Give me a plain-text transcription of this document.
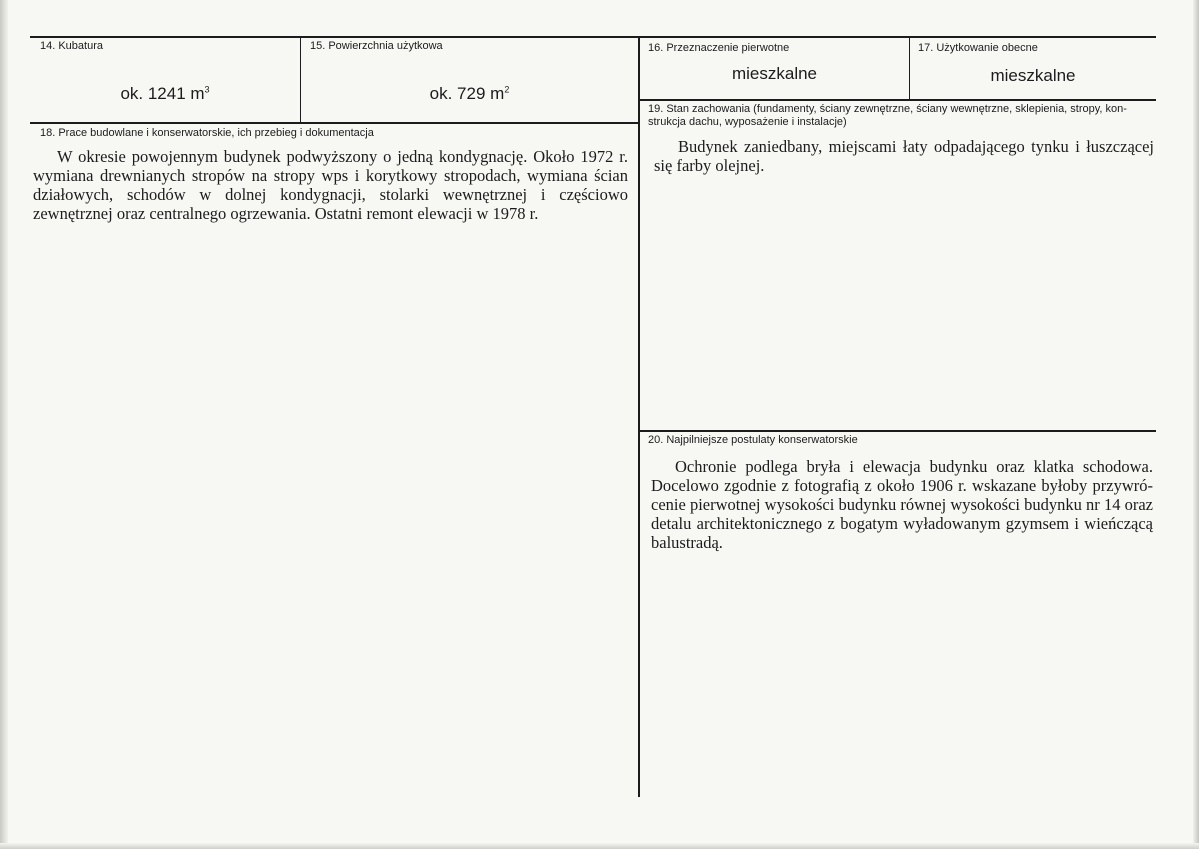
14. Kubatura
ok. 1241 $m^3$
15. Powierzchnia użytkowa
ok. 729 $m^2$
16. Przeznaczenie pierwotne
mieszkalne
17. Użytkowanie obecne
mieszkalne
18. Prace budowlane i konserwatorskie, ich przebieg i dokumentacja

W okresie powojennym budynek podwyższony o jedną kondygnację. Około 1972 r. wymiana drewnianych stropów na stropy wps i korytkowy stropodach, wymiana ścian działowych, schodów w dolnej kondygnacji, stolarki wewnętrznej i częściowo zewnętrznej oraz centralnego ogrzewania. Ostatni remont elewacji w 1978 r.

19. Stan zachowania (fundamenty, ściany zewnętrzne, ściany wewnętrzne, sklepienia, stropy, kon-
strukcja dachu, wyposażenie i instalacje)

Budynek zaniedbany, miejscami łaty odpadającego tynku i łuszczącej się farby olejnej.

20. Najpilniejsze postulaty konserwatorskie

Ochronie podlega bryła i elewacja budynku oraz klatka schodowa. Docelowo zgodnie z fotografią z około 1906 r. wskazane byłoby przywrócenie pierwotnej wysokości budynku równej wysokości budynku nr 14 oraz detalu architektonicznego z bogatym wyładowanym gzymsem i wieńczącą balustradą.
